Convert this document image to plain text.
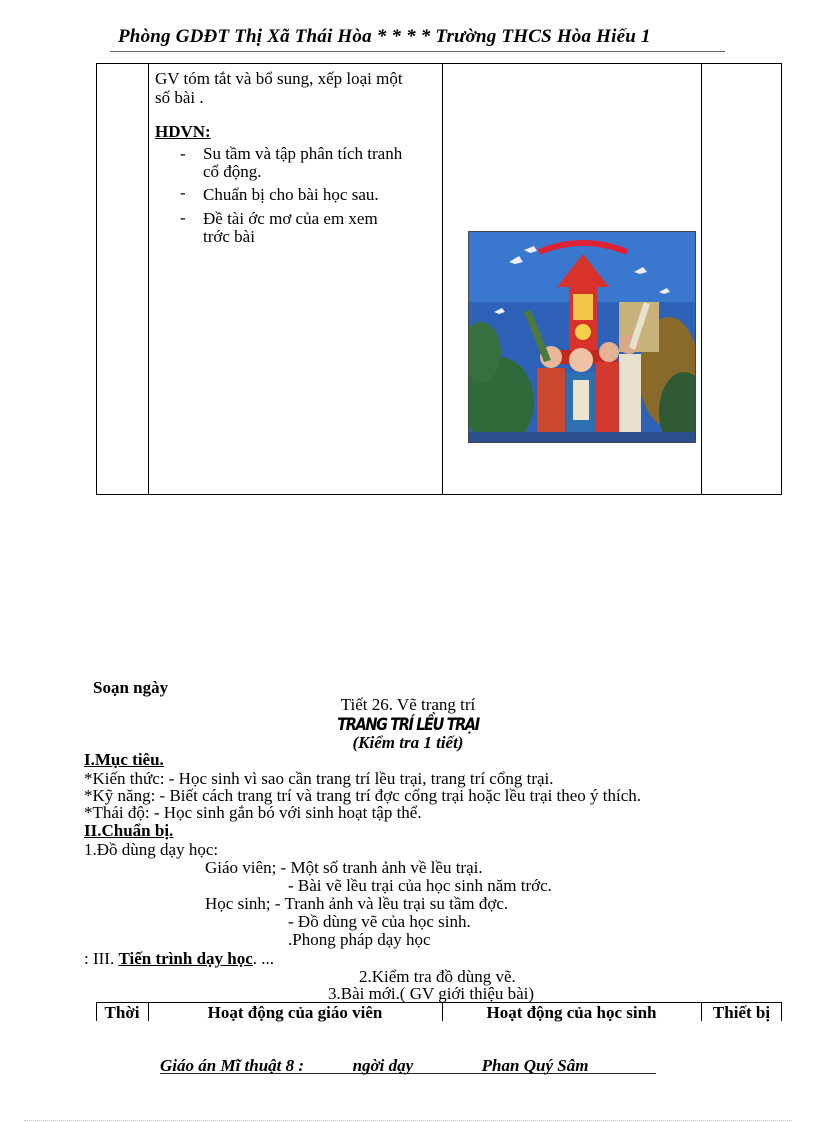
Phòng GDĐT Thị Xã Thái Hòa * * * * Trường THCS Hòa Hiếu 1
GV tóm tắt và bổ sung, xếp loại một
số bài .
HDVN:
- Su tầm và tập phân tích tranh
cổ động.
- Chuẩn bị cho bài học sau.
- Đề tài ớc mơ của em xem
trớc bài
Soạn ngày
Tiết 26. Vẽ trang trí
TRANG TRÍ LỀU TRẠI
(Kiểm tra 1 tiết)
I.Mục tiêu.
*Kiến thức: - Học sinh vì sao cần trang trí lều trại, trang trí cổng trại.
*Kỹ năng: - Biết cách trang trí và trang trí đợc cổng trại hoặc lều trại theo ý thích.
*Thái độ: - Học sinh gắn bó với sinh hoạt tập thể.
II.Chuẩn bị.
1.Đồ dùng dạy học:
Giáo viên; - Một số tranh ảnh về lều trại.
- Bài vẽ lều trại của học sinh năm trớc.
Học sinh; - Tranh ảnh và lều trại su tầm đợc.
- Đồ dùng vẽ của học sinh.
.Phong pháp dạy học
: III. Tiến trình dạy học. ...
2.Kiểm tra đồ dùng vẽ.
3.Bài mới.( GV giới thiệu bài)
Thời	Hoạt động của giáo viên	Hoạt động của học sinh	Thiết bị
Giáo án Mĩ thuật 8 :	ngời dạy	Phan Quý Sâm
